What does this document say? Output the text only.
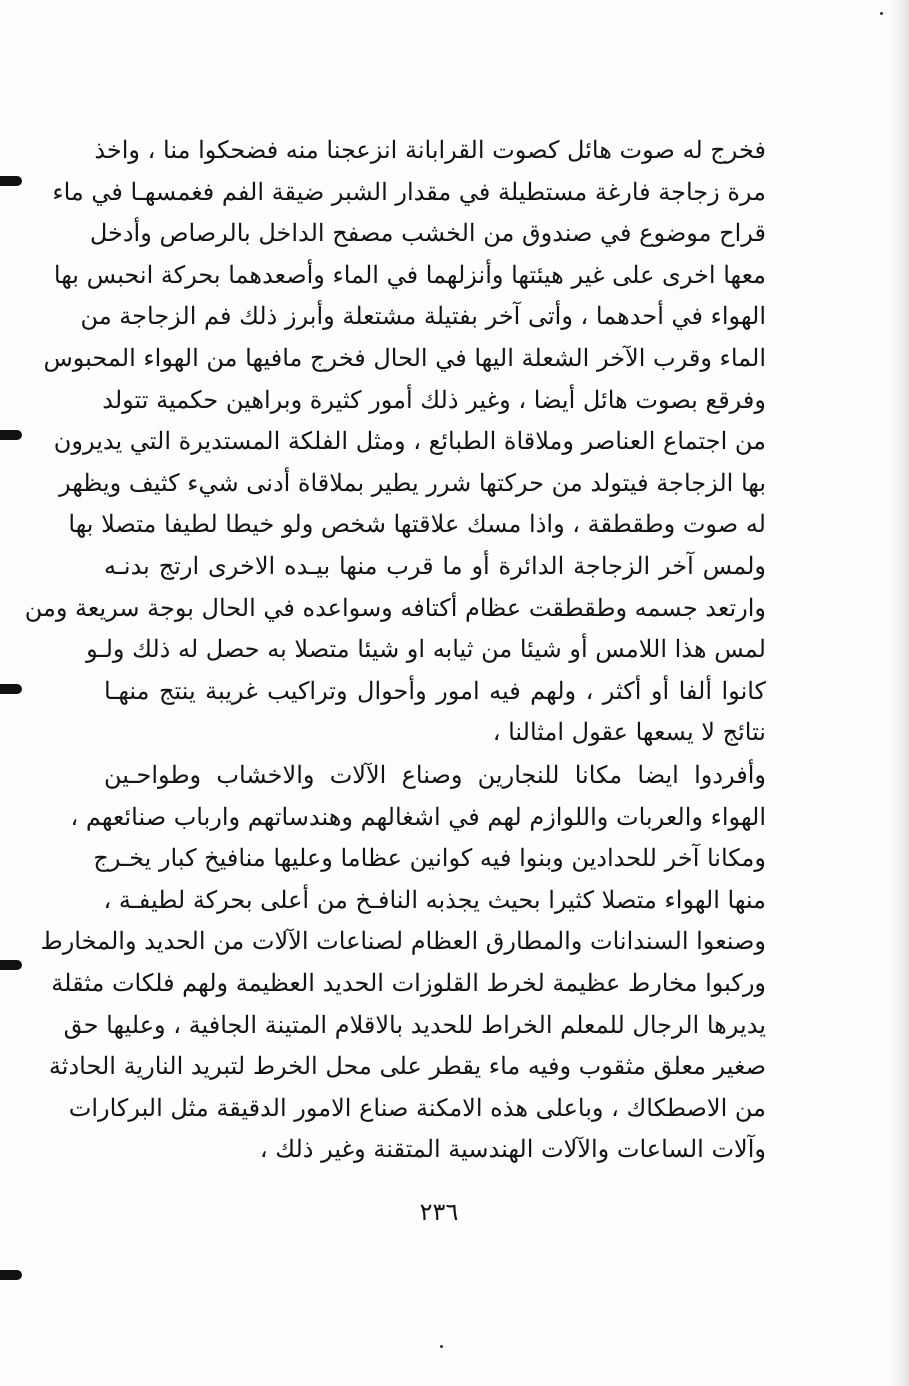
فخرج له صوت هائل كصوت القرابانة انزعجنا منه فضحكوا منا ، واخذ
مرة زجاجة فارغة مستطيلة في مقدار الشبر ضيقة الفم فغمسهـا في ماء
قراح موضوع في صندوق من الخشب مصفح الداخل بالرصاص وأدخل
معها اخرى على غير هيئتها وأنزلهما في الماء وأصعدهما بحركة انحبس بها
الهواء في أحدهما ، وأتى آخر بفتيلة مشتعلة وأبرز ذلك فم الزجاجة من
الماء وقرب الآخر الشعلة اليها في الحال فخرج مافيها من الهواء المحبوس
وفرقع بصوت هائل أيضا ، وغير ذلك أمور كثيرة وبراهين حكمية تتولد
من اجتماع العناصر وملاقاة الطبائع ، ومثل الفلكة المستديرة التي يديرون
بها الزجاجة فيتولد من حركتها شرر يطير بملاقاة أدنى شيء كثيف ويظهر
له صوت وطقطقة ، واذا مسك علاقتها شخص ولو خيطا لطيفا متصلا بها
ولمس آخر الزجاجة الدائرة أو ما قرب منها بيـده الاخرى ارتج بدنـه
وارتعد جسمه وطقطقت عظام أكتافه وسواعده في الحال بوجة سريعة ومن
لمس هذا اللامس أو شيئا من ثيابه او شيئا متصلا به حصل له ذلك ولـو
كانوا ألفا أو أكثر ، ولهم فيه امور وأحوال وتراكيب غريبة ينتج منهـا
نتائج لا يسعها عقول امثالنا ،
وأفردوا ايضا مكانا للنجارين وصناع الآلات والاخشاب وطواحـين
الهواء والعربات واللوازم لهم في اشغالهم وهندساتهم وارباب صنائعهم ،
ومكانا آخر للحدادين وبنوا فيه كوانين عظاما وعليها منافيخ كبار يخـرج
منها الهواء متصلا كثيرا بحيث يجذبه النافـخ من أعلى بحركة لطيفـة ،
وصنعوا السندانات والمطارق العظام لصناعات الآلات من الحديد والمخارط
وركبوا مخارط عظيمة لخرط القلوزات الحديد العظيمة ولهم فلكات مثقلة
يديرها الرجال للمعلم الخراط للحديد بالاقلام المتينة الجافية ، وعليها حق
صغير معلق مثقوب وفيه ماء يقطر على محل الخرط لتبريد النارية الحادثة
من الاصطكاك ، وباعلى هذه الامكنة صناع الامور الدقيقة مثل البركارات
وآلات الساعات والآلات الهندسية المتقنة وغير ذلك ،
٢٣٦
